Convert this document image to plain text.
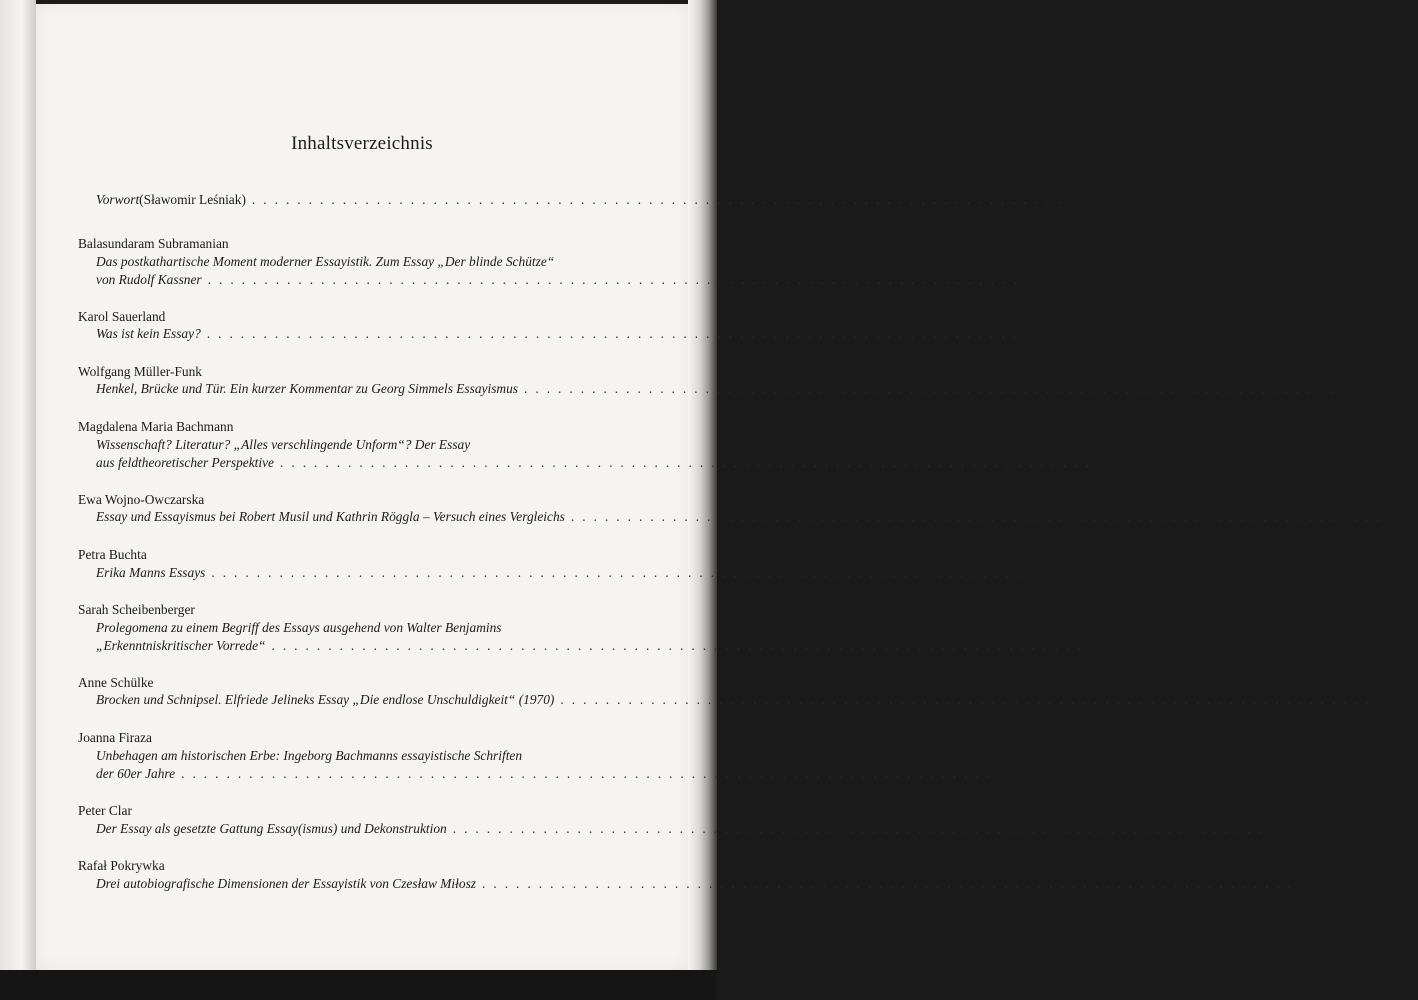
Inhaltsverzeichnis
Vorwort (Sławomir Leśniak) ........................................................................	7
Balasundaram Subramanian
Das postkathartische Moment moderner Essayistik. Zum Essay „Der blinde Schütze“
von Rudolf Kassner ........................................................................	16
Karol Sauerland
Was ist kein Essay? ........................................................................	25
Wolfgang Müller-Funk
Henkel, Brücke und Tür. Ein kurzer Kommentar zu Georg Simmels Essayismus ........................................................................	30
Magdalena Maria Bachmann
Wissenschaft? Literatur? „Alles verschlingende Unform“? Der Essay
aus feldtheoretischer Perspektive ........................................................................	37
Ewa Wojno-Owczarska
Essay und Essayismus bei Robert Musil und Kathrin Röggla – Versuch eines Vergleichs ........................................................................	47
Petra Buchta
Erika Manns Essays ........................................................................	64
Sarah Scheibenberger
Prolegomena zu einem Begriff des Essays ausgehend von Walter Benjamins
„Erkenntniskritischer Vorrede“ ........................................................................	73
Anne Schülke
Brocken und Schnipsel. Elfriede Jelineks Essay „Die endlose Unschuldigkeit“ (1970) ........................................................................	83
Joanna Firaza
Unbehagen am historischen Erbe: Ingeborg Bachmanns essayistische Schriften
der 60er Jahre ........................................................................	93
Peter Clar
Der Essay als gesetzte Gattung Essay(ismus) und Dekonstruktion ........................................................................ 103
Rafał Pokrywka
Drei autobiografische Dimensionen der Essayistik von Czesław Miłosz ........................................................................ 113
